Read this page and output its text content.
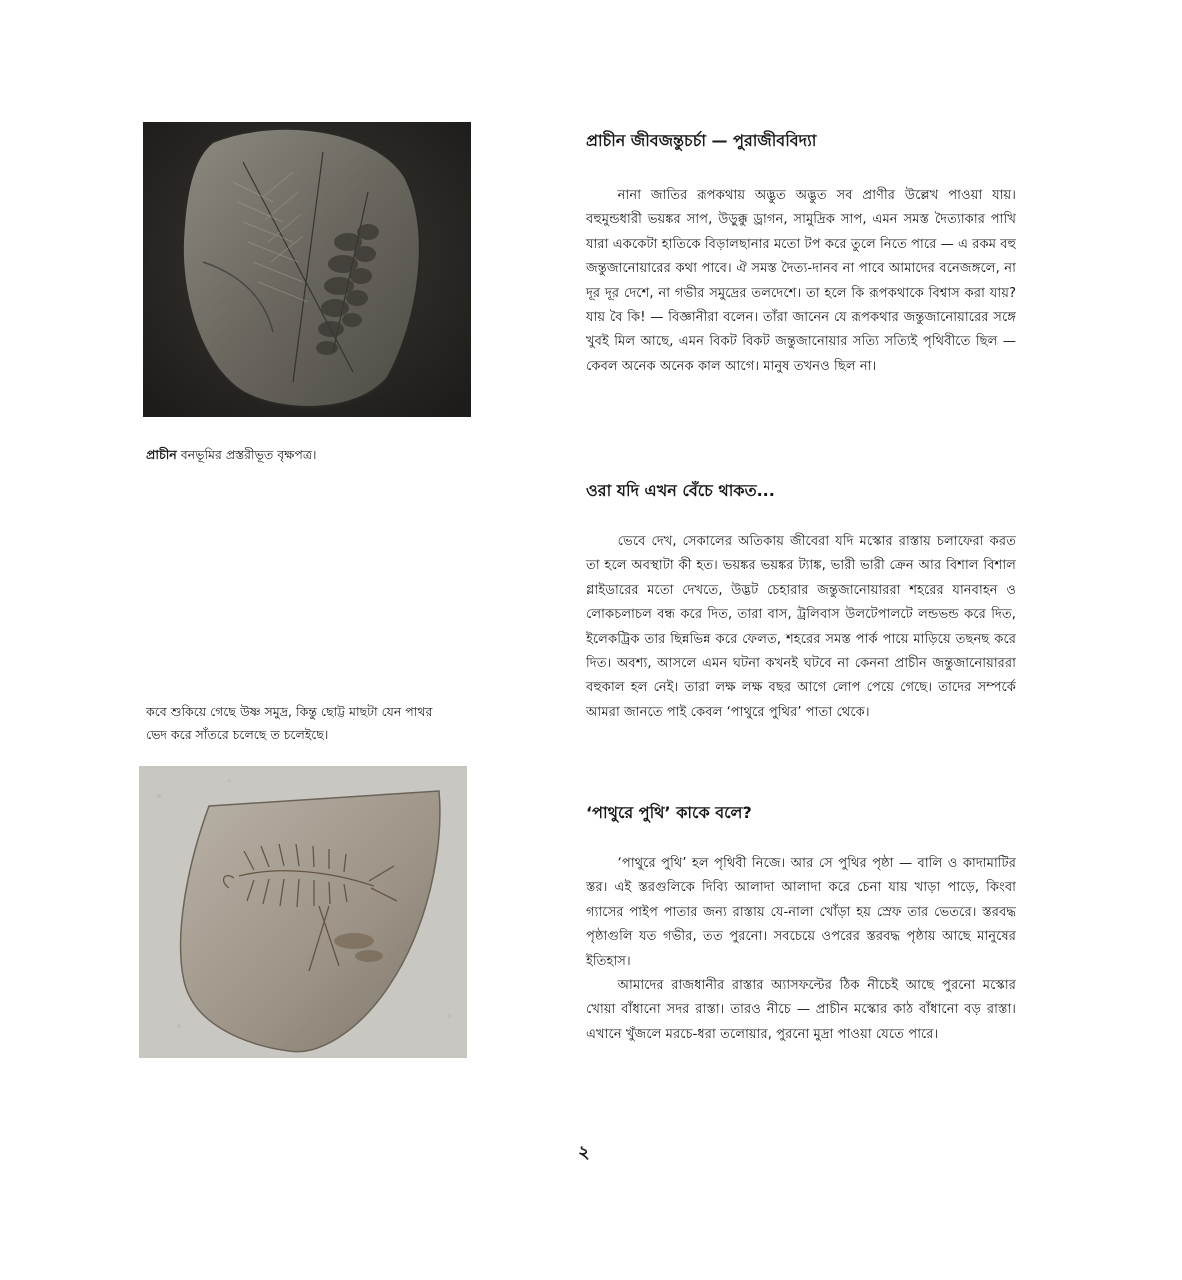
প্রাচীন বনভূমির প্রস্তরীভূত বৃক্ষপত্র।
কবে শুকিয়ে গেছে উষ্ণ সমুদ্র, কিন্তু ছোট্ট মাছটা যেন পাথর
ভেদ করে সাঁতরে চলেছে ত চলেইছে।
প্রাচীন জীবজন্তুচর্চা — পুরাজীববিদ্যা

নানা জাতির রূপকথায় অদ্ভুত অদ্ভুত সব প্রাণীর উল্লেখ পাওয়া যায়। বহুমুন্ডধারী ভয়ঙ্কর সাপ, উড়ুক্কু ড্রাগন, সামুদ্রিক সাপ, এমন সমস্ত দৈত্যাকার পাখি যারা এককেটা হাতিকে বিড়ালছানার মতো টপ করে তুলে নিতে পারে — এ রকম বহু জন্তুজানোয়ারের কথা পাবে। ঐ সমস্ত দৈত্য-দানব না পাবে আমাদের বনেজঙ্গলে, না দূর দূর দেশে, না গভীর সমুদ্রের তলদেশে। তা হলে কি রূপকথাকে বিশ্বাস করা যায়? যায় বৈ কি! — বিজ্ঞানীরা বলেন। তাঁরা জানেন যে রূপকথার জন্তুজানোয়ারের সঙ্গে খুবই মিল আছে, এমন বিকট বিকট জন্তুজানোয়ার সত্যি সত্যিই পৃথিবীতে ছিল — কেবল অনেক অনেক কাল আগে। মানুষ তখনও ছিল না।

ওরা যদি এখন বেঁচে থাকত...

ভেবে দেখ, সেকালের অতিকায় জীবেরা যদি মস্কোর রাস্তায় চলাফেরা করত তা হলে অবস্থাটা কী হত। ভয়ঙ্কর ভয়ঙ্কর ট্যাঙ্ক, ভারী ভারী ক্রেন আর বিশাল বিশাল গ্লাইডারের মতো দেখতে, উদ্ভট চেহারার জন্তুজানোয়াররা শহরের যানবাহন ও লোকচলাচল বন্ধ করে দিত, তারা বাস, ট্রলিবাস উলটেপালটে লন্ডভন্ড করে দিত, ইলেকট্রিক তার ছিন্নভিন্ন করে ফেলত, শহরের সমস্ত পার্ক পায়ে মাড়িয়ে তছনছ করে দিত। অবশ্য, আসলে এমন ঘটনা কখনই ঘটবে না কেননা প্রাচীন জন্তুজানোয়াররা বহুকাল হল নেই। তারা লক্ষ লক্ষ বছর আগে লোপ পেয়ে গেছে। তাদের সম্পর্কে আমরা জানতে পাই কেবল ‘পাথুরে পুথির’ পাতা থেকে।

‘পাথুরে পুথি’ কাকে বলে?

‘পাথুরে পুথি’ হল পৃথিবী নিজে। আর সে পুথির পৃষ্ঠা — বালি ও কাদামাটির স্তর। এই স্তরগুলিকে দিব্যি আলাদা আলাদা করে চেনা যায় খাড়া পাড়ে, কিংবা গ্যাসের পাইপ পাতার জন্য রাস্তায় যে-নালা খোঁড়া হয় স্রেফ তার ভেতরে। স্তরবদ্ধ পৃষ্ঠাগুলি যত গভীর, তত পুরনো। সবচেয়ে ওপরের স্তরবদ্ধ পৃষ্ঠায় আছে মানুষের ইতিহাস।

আমাদের রাজধানীর রাস্তার অ্যাসফল্টের ঠিক নীচেই আছে পুরনো মস্কোর খোয়া বাঁধানো সদর রাস্তা। তারও নীচে — প্রাচীন মস্কোর কাঠ বাঁধানো বড় রাস্তা। এখানে খুঁজলে মরচে-ধরা তলোয়ার, পুরনো মুদ্রা পাওয়া যেতে পারে।

২
